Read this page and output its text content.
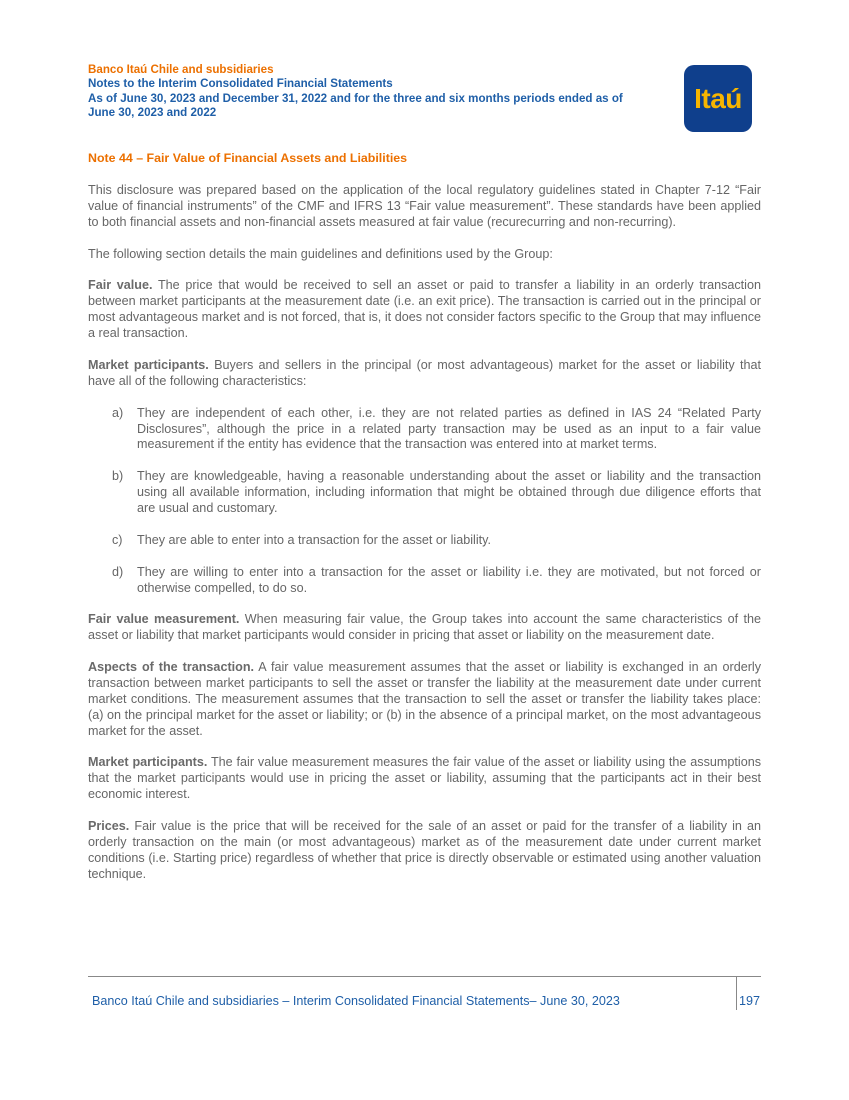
Banco Itaú Chile and subsidiaries
Notes to the Interim Consolidated Financial Statements
As of June 30, 2023 and December 31, 2022 and for the three and six months periods ended as of
June 30, 2023 and 2022	Itaú
Note 44 – Fair Value of Financial Assets and Liabilities

This disclosure was prepared based on the application of the local regulatory guidelines stated in Chapter 7-12 “Fair value of financial instruments” of the CMF and IFRS 13 “Fair value measurement”. These standards have been applied to both financial assets and non-financial assets measured at fair value (recurecurring and non-recurring).

The following section details the main guidelines and definitions used by the Group:

Fair value. The price that would be received to sell an asset or paid to transfer a liability in an orderly transaction between market participants at the measurement date (i.e. an exit price). The transaction is carried out in the principal or most advantageous market and is not forced, that is, it does not consider factors specific to the Group that may influence a real transaction.

Market participants. Buyers and sellers in the principal (or most advantageous) market for the asset or liability that have all of the following characteristics:

a)	They are independent of each other, i.e. they are not related parties as defined in IAS 24 “Related Party Disclosures”, although the price in a related party transaction may be used as an input to a fair value measurement if the entity has evidence that the transaction was entered into at market terms.
b)	They are knowledgeable, having a reasonable understanding about the asset or liability and the transaction using all available information, including information that might be obtained through due diligence efforts that are usual and customary.
c)	They are able to enter into a transaction for the asset or liability.
d)	They are willing to enter into a transaction for the asset or liability i.e. they are motivated, but not forced or otherwise compelled, to do so.

Fair value measurement. When measuring fair value, the Group takes into account the same characteristics of the asset or liability that market participants would consider in pricing that asset or liability on the measurement date.

Aspects of the transaction. A fair value measurement assumes that the asset or liability is exchanged in an orderly transaction between market participants to sell the asset or transfer the liability at the measurement date under current market conditions. The measurement assumes that the transaction to sell the asset or transfer the liability takes place: (a) on the principal market for the asset or liability; or (b) in the absence of a principal market, on the most advantageous market for the asset.

Market participants. The fair value measurement measures the fair value of the asset or liability using the assumptions that the market participants would use in pricing the asset or liability, assuming that the participants act in their best economic interest.

Prices. Fair value is the price that will be received for the sale of an asset or paid for the transfer of a liability in an orderly transaction on the main (or most advantageous) market as of the measurement date under current market conditions (i.e. Starting price) regardless of whether that price is directly observable or estimated using another valuation technique.

Banco Itaú Chile and subsidiaries – Interim Consolidated Financial Statements– June 30, 2023	197
